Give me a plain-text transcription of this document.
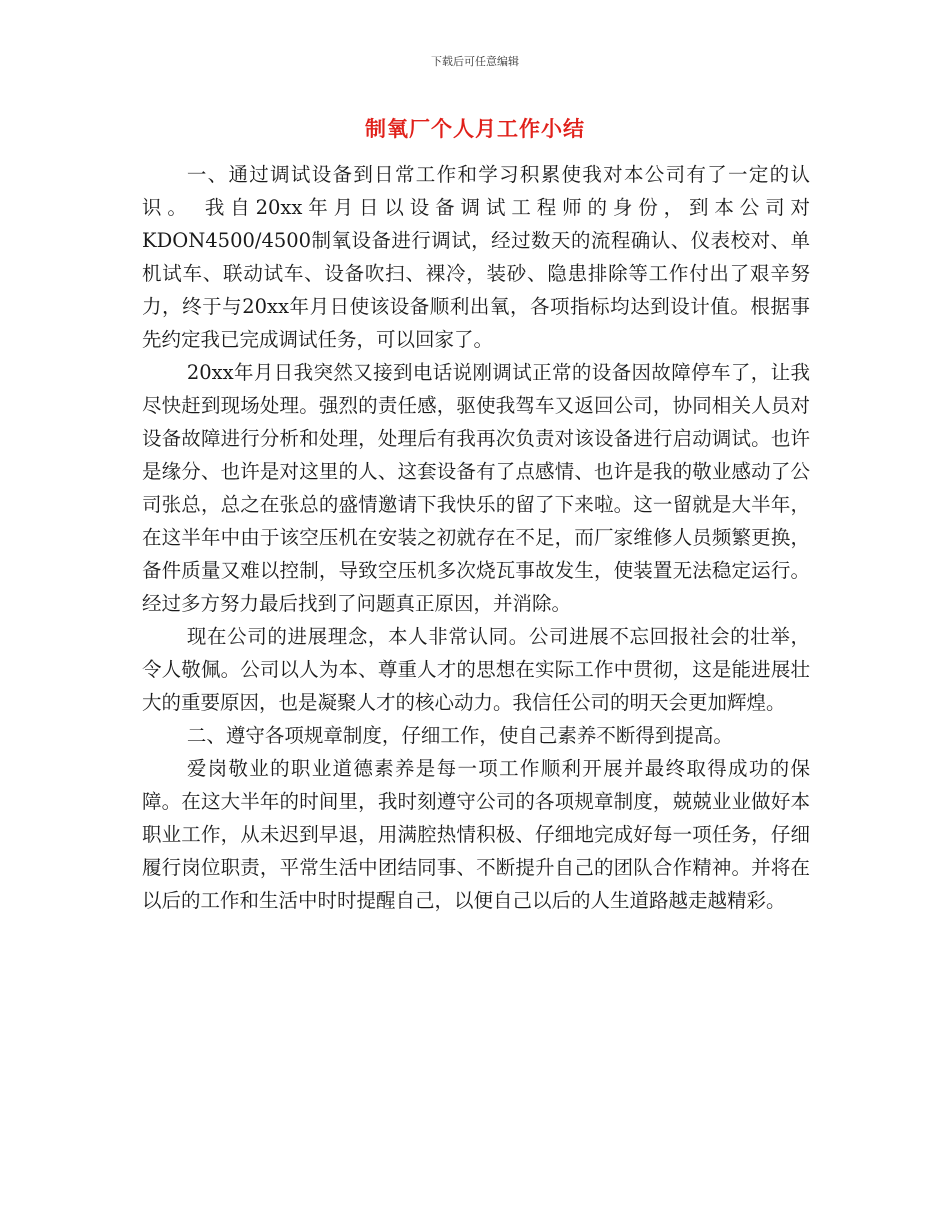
下载后可任意编辑
制氧厂个人月工作小结

一、通过调试设备到日常工作和学习积累使我对本公司有了一定的认识。 我自20xx年月日以设备调试工程师的身份，到本公司对KDON4500/4500制氧设备进行调试，经过数天的流程确认、仪表校对、单机试车、联动试车、设备吹扫、裸冷，装砂、隐患排除等工作付出了艰辛努力，终于与20xx年月日使该设备顺利出氧，各项指标均达到设计值。根据事先约定我已完成调试任务，可以回家了。

20xx年月日我突然又接到电话说刚调试正常的设备因故障停车了，让我尽快赶到现场处理。强烈的责任感，驱使我驾车又返回公司，协同相关人员对设备故障进行分析和处理，处理后有我再次负责对该设备进行启动调试。也许是缘分、也许是对这里的人、这套设备有了点感情、也许是我的敬业感动了公司张总，总之在张总的盛情邀请下我快乐的留了下来啦。这一留就是大半年，在这半年中由于该空压机在安装之初就存在不足，而厂家维修人员频繁更换，备件质量又难以控制，导致空压机多次烧瓦事故发生，使装置无法稳定运行。经过多方努力最后找到了问题真正原因，并消除。

现在公司的进展理念，本人非常认同。公司进展不忘回报社会的壮举，令人敬佩。公司以人为本、尊重人才的思想在实际工作中贯彻，这是能进展壮大的重要原因，也是凝聚人才的核心动力。我信任公司的明天会更加辉煌。

二、遵守各项规章制度，仔细工作，使自己素养不断得到提高。

爱岗敬业的职业道德素养是每一项工作顺利开展并最终取得成功的保障。在这大半年的时间里，我时刻遵守公司的各项规章制度，兢兢业业做好本职业工作，从未迟到早退，用满腔热情积极、仔细地完成好每一项任务，仔细履行岗位职责，平常生活中团结同事、不断提升自己的团队合作精神。并将在以后的工作和生活中时时提醒自己，以便自己以后的人生道路越走越精彩。
